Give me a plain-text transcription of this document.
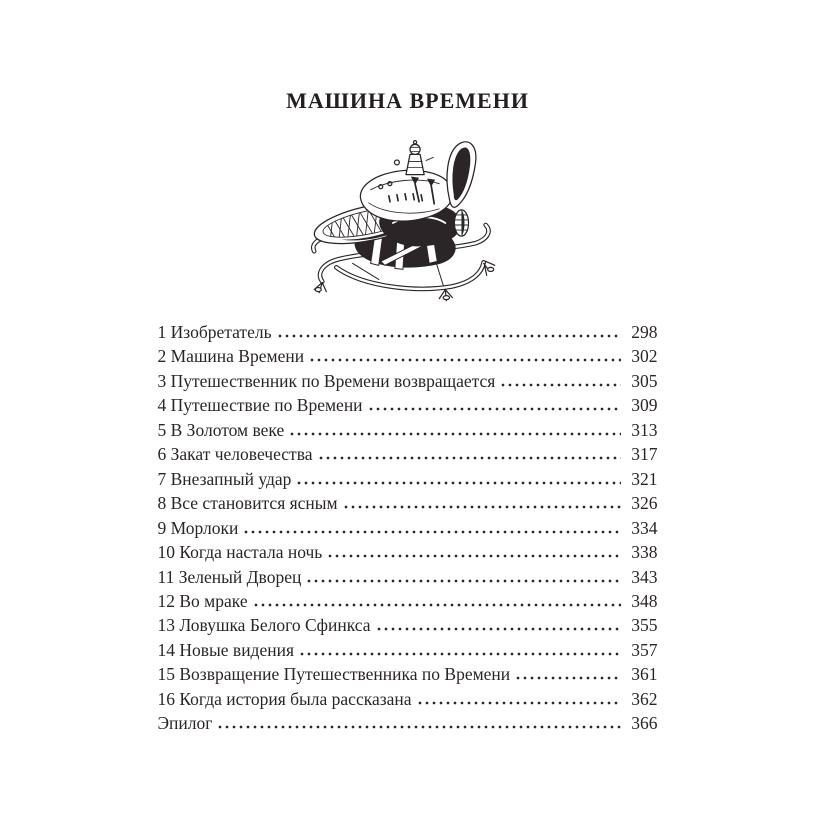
МАШИНА ВРЕМЕНИ
1 Изобретатель	298
2 Машина Времени	302
3 Путешественник по Времени возвращается	305
4 Путешествие по Времени	309
5 В Золотом веке	313
6 Закат человечества	317
7 Внезапный удар	321
8 Все становится ясным	326
9 Морлоки	334
10 Когда настала ночь	338
11 Зеленый Дворец	343
12 Во мраке	348
13 Ловушка Белого Сфинкса	355
14 Новые видения	357
15 Возвращение Путешественника по Времени	361
16 Когда история была рассказана	362
Эпилог	366
